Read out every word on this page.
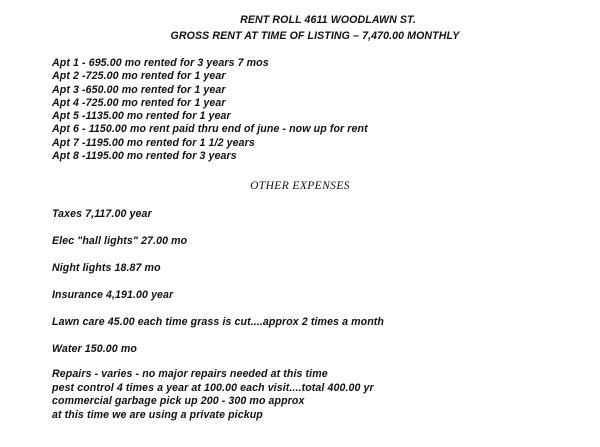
RENT ROLL 4611 WOODLAWN ST.
GROSS RENT AT TIME OF LISTING – 7,470.00 MONTHLY
Apt 1 - 695.00 mo rented for 3 years 7 mos
Apt 2 -725.00 mo rented for 1 year
Apt 3 -650.00 mo rented for 1 year
Apt 4 -725.00 mo rented for 1 year
Apt 5 -1135.00 mo rented for 1 year
Apt 6 - 1150.00 mo rent paid thru end of june - now up for rent
Apt 7 -1195.00 mo rented for 1 1/2 years
Apt 8 -1195.00 mo rented for 3 years
OTHER EXPENSES
Taxes 7,117.00 year
Elec "hall lights" 27.00 mo
Night lights 18.87 mo
Insurance 4,191.00 year
Lawn care 45.00 each time grass is cut....approx 2 times a month
Water 150.00 mo
Repairs - varies - no major repairs needed at this time
pest control 4 times a year at 100.00 each visit....total 400.00 yr
commercial garbage pick up 200 - 300 mo approx
at this time we are using a private pickup
